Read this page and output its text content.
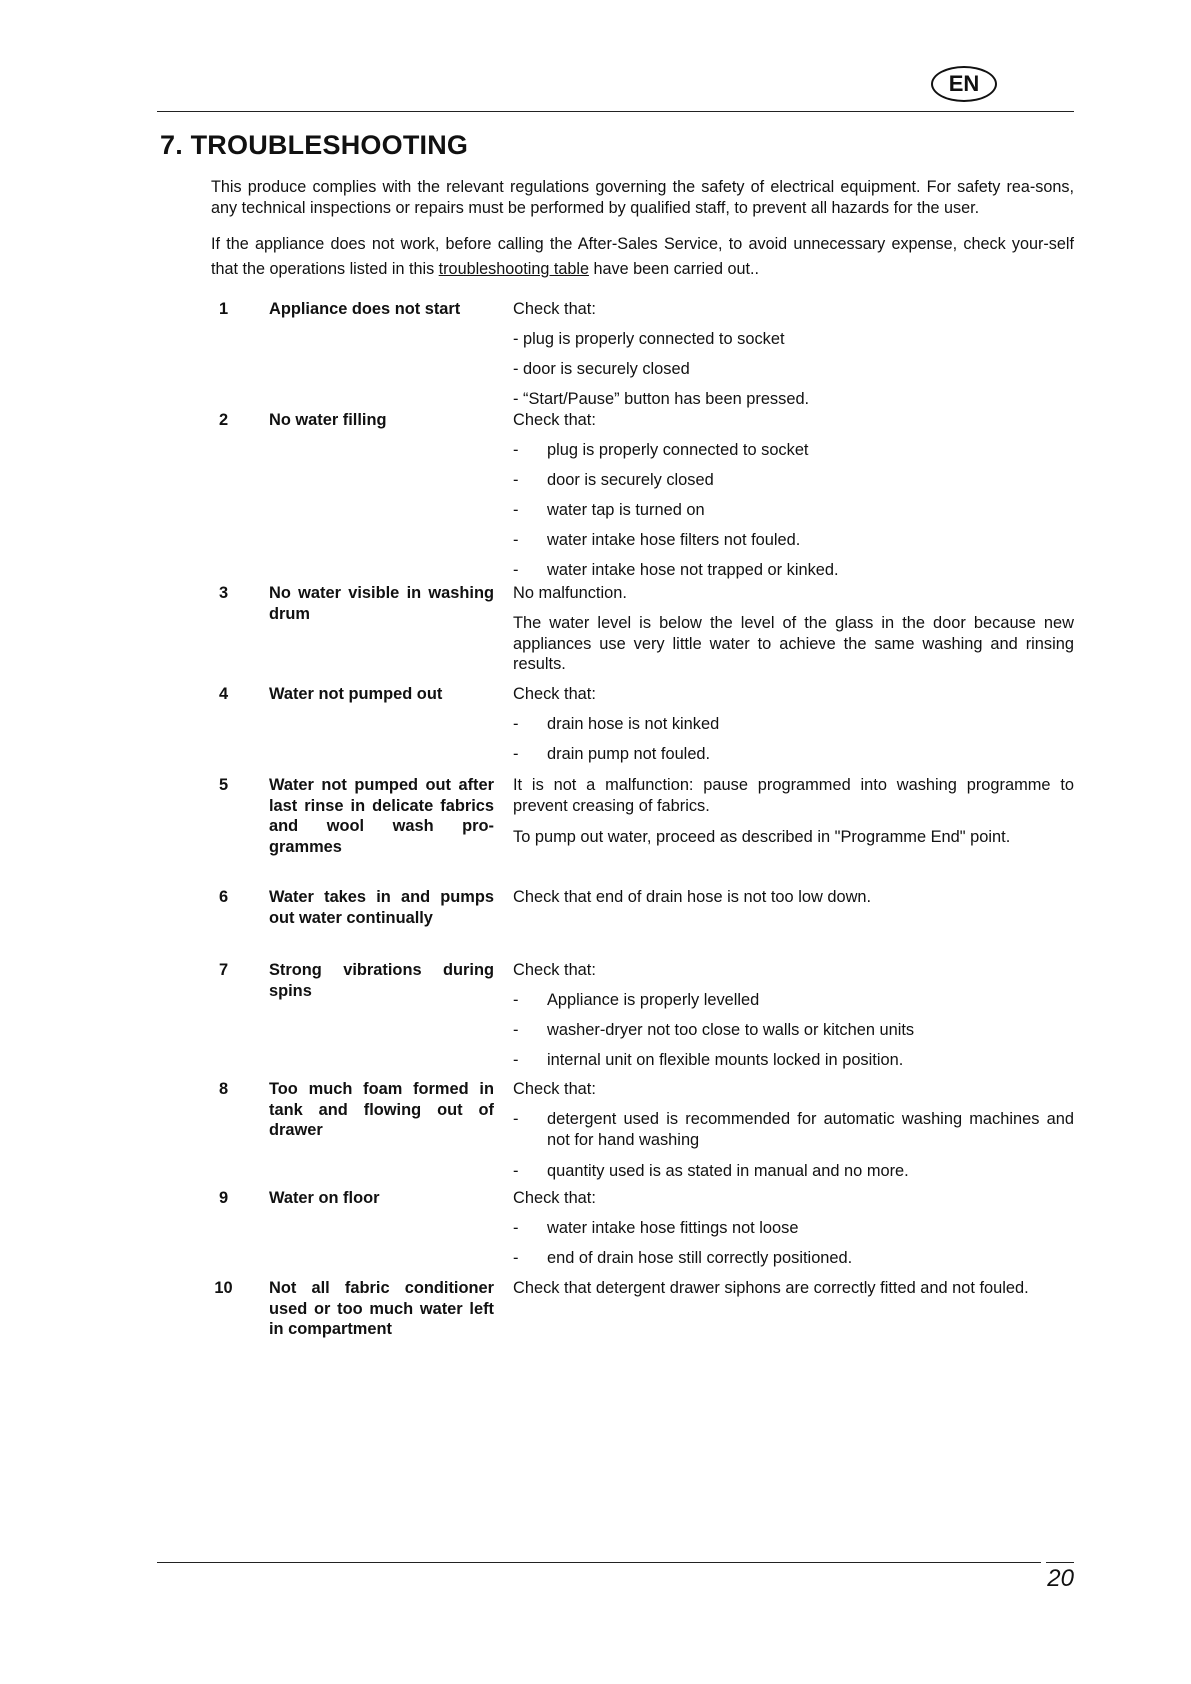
EN
7. TROUBLESHOOTING

This produce complies with the relevant regulations governing the safety of electrical equipment. For safety rea-sons, any technical inspections or repairs must be performed by qualified staff, to prevent all hazards for the user.

If the appliance does not work, before calling the After-Sales Service, to avoid unnecessary expense, check your-self that the operations listed in this troubleshooting table have been carried out..

1	Appliance does not start	Check that:
- plug is properly connected to socket
- door is securely closed
- “Start/Pause” button has been pressed.
2	No water filling	Check that:
-	plug is properly connected to socket
-	door is securely closed
-	water tap is turned on
-	water intake hose filters not fouled.
-	water intake hose not trapped or kinked.
3	No water visible in washing drum
No malfunction.
The water level is below the level of the glass in the door because new appliances use very little water to achieve the same washing and rinsing results.
4	Water not pumped out	Check that:
-	drain hose is not kinked
-	drain pump not fouled.
5	Water not pumped out after last rinse in delicate fabrics and wool wash pro-grammes
It is not a malfunction: pause programmed into washing programme to prevent creasing of fabrics.
To pump out water, proceed as described in "Programme End" point.
6	Water takes in and pumps out water continually
Check that end of drain hose is not too low down.
7	Strong vibrations during spins
Check that:
-	Appliance is properly levelled
-	washer-dryer not too close to walls or kitchen units
-	internal unit on flexible mounts locked in position.
8	Too much foam formed in tank and flowing out of drawer
Check that:
-	detergent used is recommended for automatic washing machines and not for hand washing
-	quantity used is as stated in manual and no more.
9	Water on floor	Check that:
-	water intake hose fittings not loose
-	end of drain hose still correctly positioned.
10	Not all fabric conditioner used or too much water left in compartment
Check that detergent drawer siphons are correctly fitted and not fouled.
20
